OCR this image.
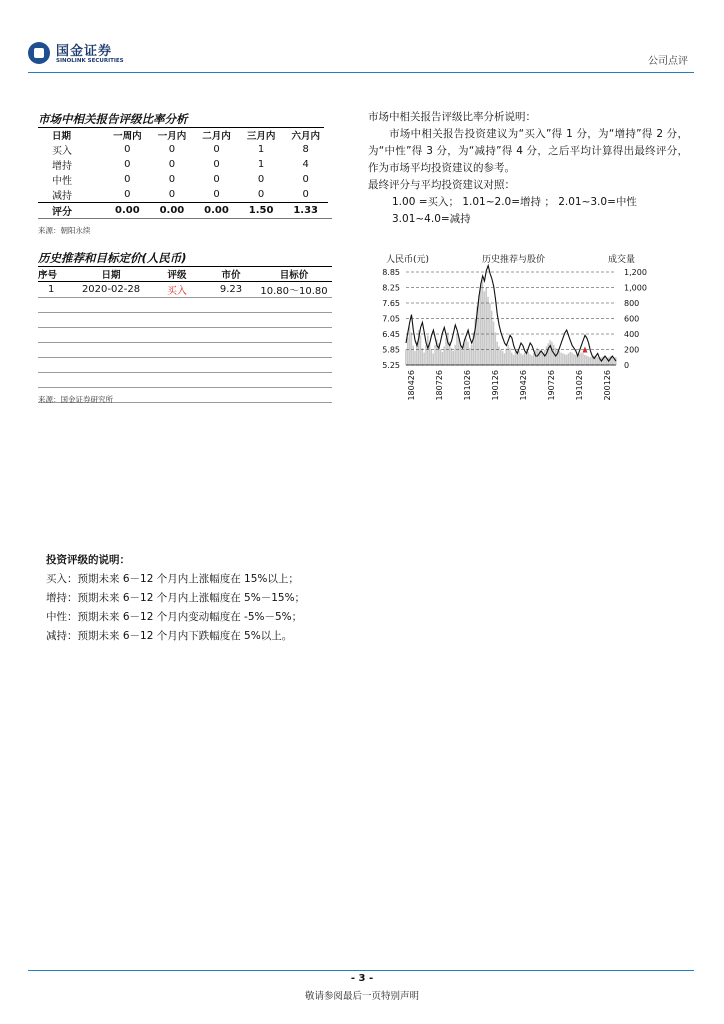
国金证券
SINOLINK SECURITIES	公司点评
市场中相关报告评级比率分析
日期	一周内	一月内	二月内	三月内	六月内
买入	0	0	0	1	8
增持	0	0	0	1	4
中性	0	0	0	0	0
减持	0	0	0	0	0
评分	0.00	0.00	0.00	1.50	1.33
来源：朝阳永续

市场中相关报告评级比率分析说明：

市场中相关报告投资建议为“买入”得 1 分，为“增持”得 2 分，为“中性”得 3 分，为“减持”得 4 分，之后平均计算得出最终评分，作为市场平均投资建议的参考。

最终评分与平均投资建议对照：

1.00 =买入； 1.01~2.0=增持 ； 2.01~3.0=中性

3.01~4.0=减持

历史推荐和目标定价(人民币)
序号	日期	评级	市价	目标价
1	2020-02-28	买入	9.23	10.80～10.80

来源：国金证券研究所
人民币(元)	历史推荐与股价	成交量
8.85
8.25
7.65
7.05
6.45
5.85
5.25
1,200
1,000
800
600
400
200
0
180426 180726 181026 190126 190426 190726 191026 200126
投资评级的说明：
买入：预期未来 6－12 个月内上涨幅度在 15%以上；
增持：预期未来 6－12 个月内上涨幅度在 5%－15%；
中性：预期未来 6－12 个月内变动幅度在 -5%－5%；
减持：预期未来 6－12 个月内下跌幅度在 5%以上。
- 3 -
敬请参阅最后一页特别声明
